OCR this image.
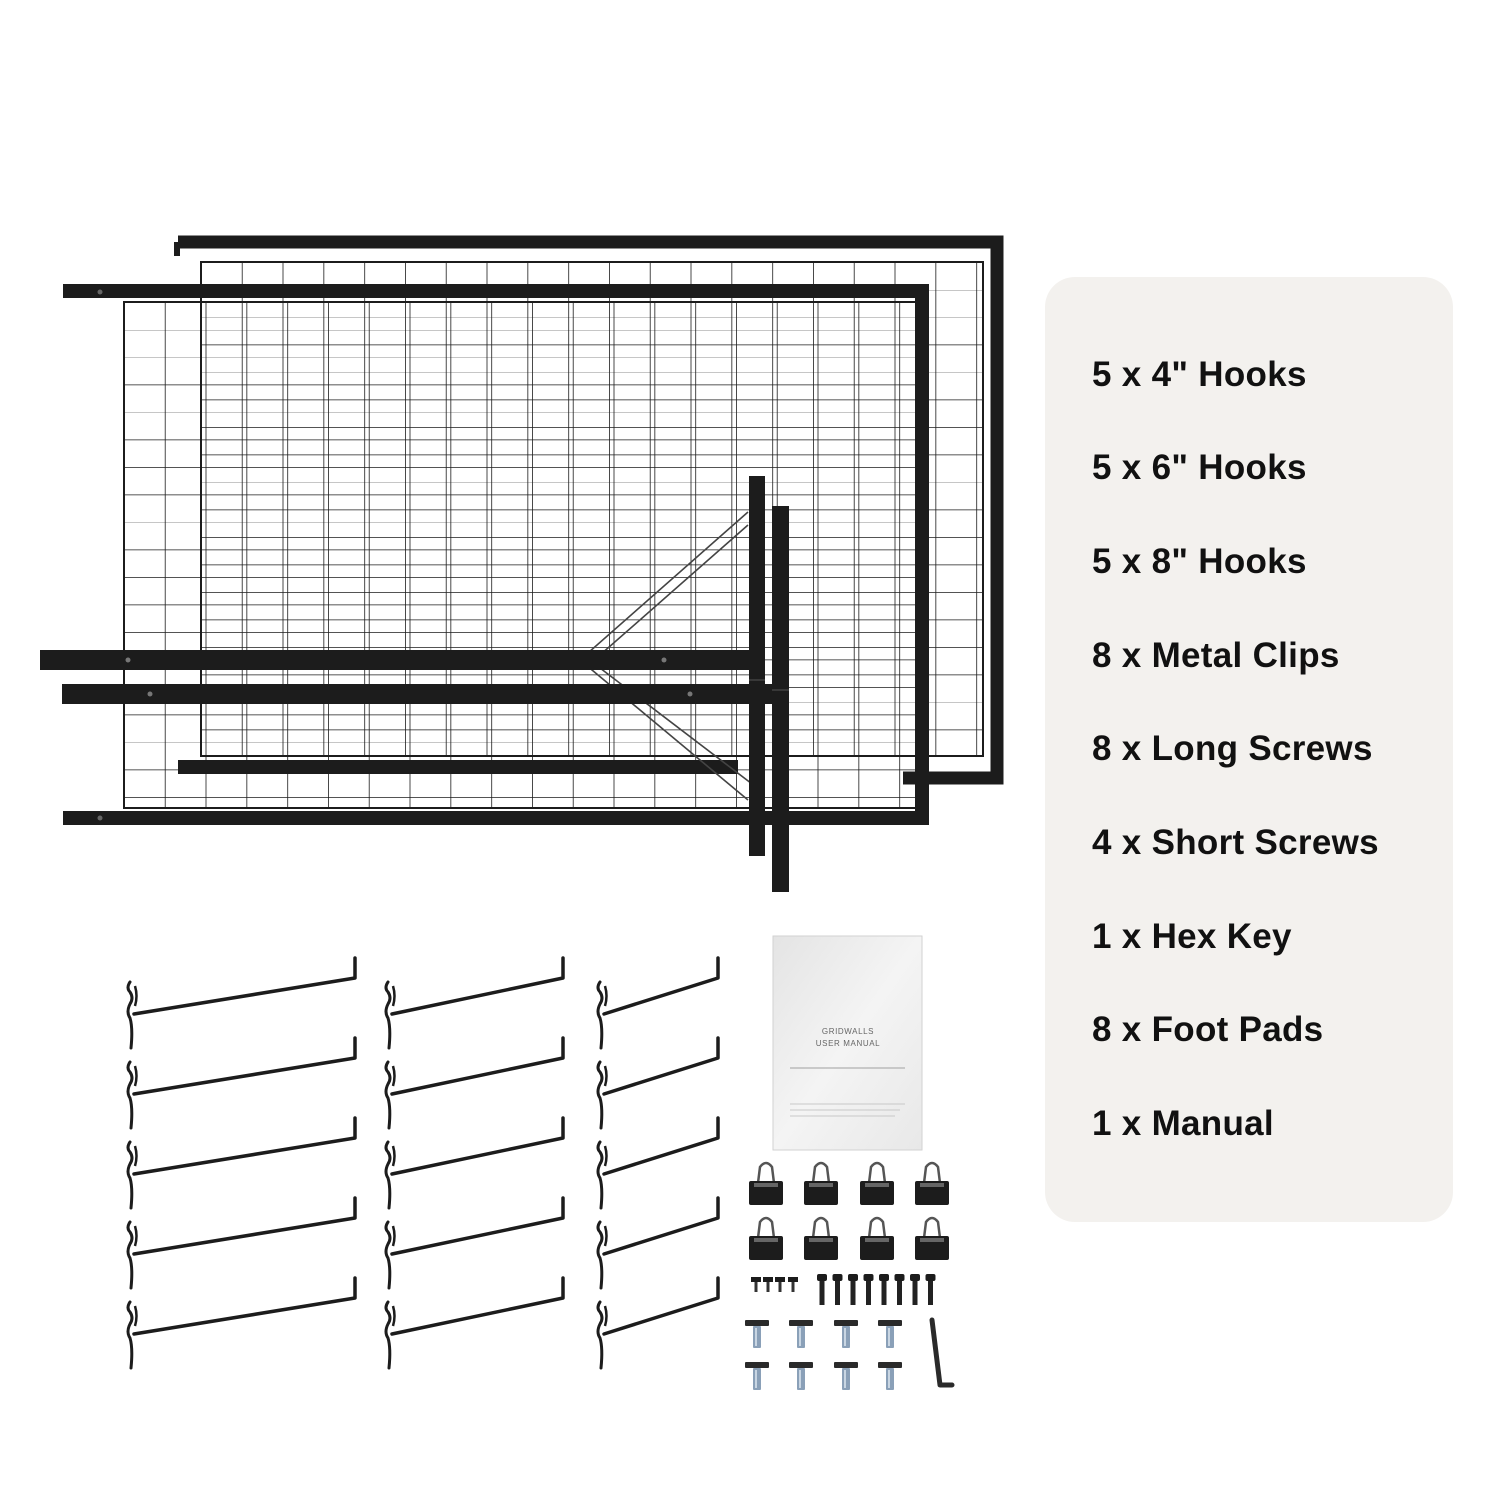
GRIDWALLS
USER MANUAL
5 x 4" Hooks
5 x 6" Hooks
5 x 8" Hooks
8 x Metal Clips
8 x Long Screws
4 x Short Screws
1 x Hex Key
8 x Foot Pads
1 x Manual
